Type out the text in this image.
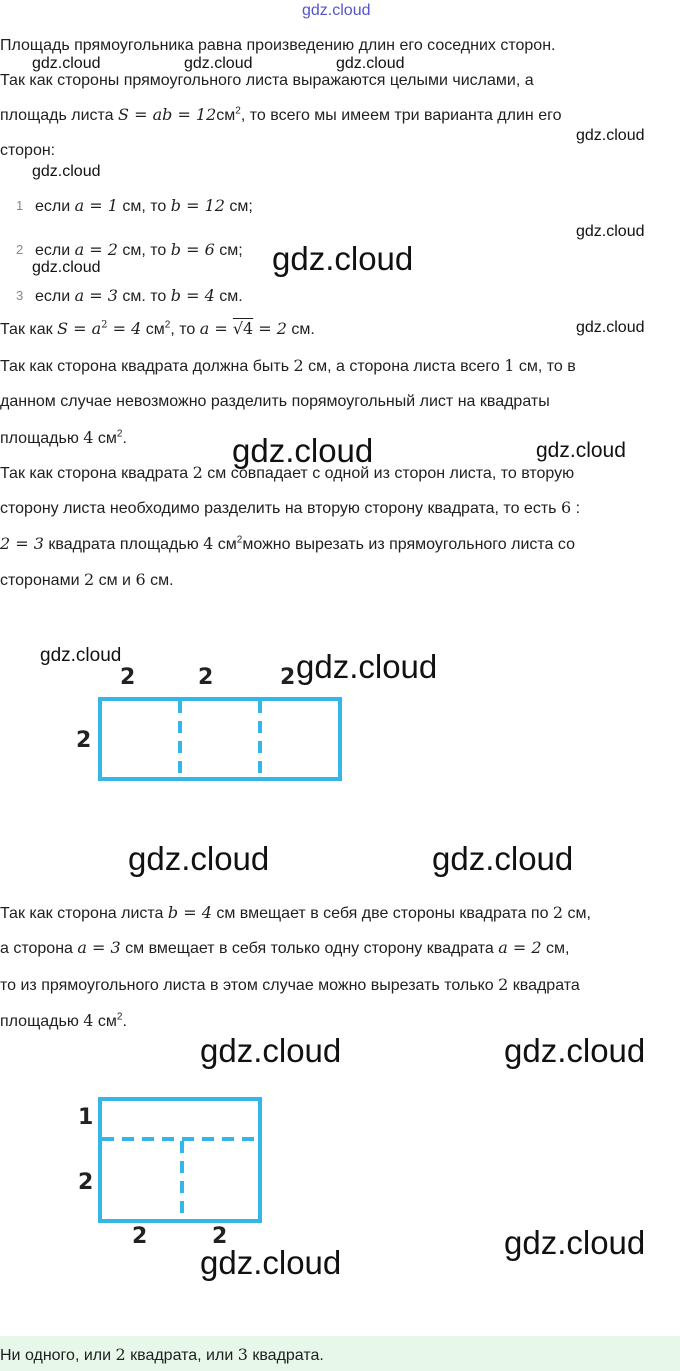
gdz.cloud
Площадь прямоугольника равна произведению длин его соседних сторон.
Так как стороны прямоугольного листа выражаются целыми числами, а
площадь листа S = ab = $12см^2$, то всего мы имеем три варианта длин его
сторон:
1 если a = 1 см, то b = 12 см;
2 если a = 2 см, то b = 6 см;
3 если a = 3 см. то b = 4 см.
Так как $S = a^2 = 4$ $см^2$, то a = √4 = 2 см.
Так как сторона квадрата должна быть 2 см, а сторона листа всего 1 см, то в
данном случае невозможно разделить порямоугольный лист на квадраты
площадью 4 $см^2$.
Так как сторона квадрата 2 см совпадает с одной из сторон листа, то вторую
сторону листа необходимо разделить на вторую сторону квадрата, то есть 6 :
2 = 3 квадрата площадью 4 $см^2можно$ вырезать из прямоугольного листа со
сторонами 2 см и 6 см.
2	2	2
2
Так как сторона листа b = 4 см вмещает в себя две стороны квадрата по 2 см,
а сторона a = 3 см вмещает в себя только одну сторону квадрата a = 2 см,
то из прямоугольного листа в этом случае можно вырезать только 2 квадрата
площадью 4 $см^2$.
1
2
2	2
Ни одного, или 2 квадрата, или 3 квадрата.
gdz.cloud	gdz.cloud	gdz.cloud
gdz.cloud
gdz.cloud
gdz.cloud
gdz.cloud
gdz.cloud
gdz.cloud
gdz.cloud
gdz.cloud
gdz.cloud
gdz.cloud
gdz.cloud	gdz.cloud
gdz.cloud	gdz.cloud
gdz.cloud
gdz.cloud
